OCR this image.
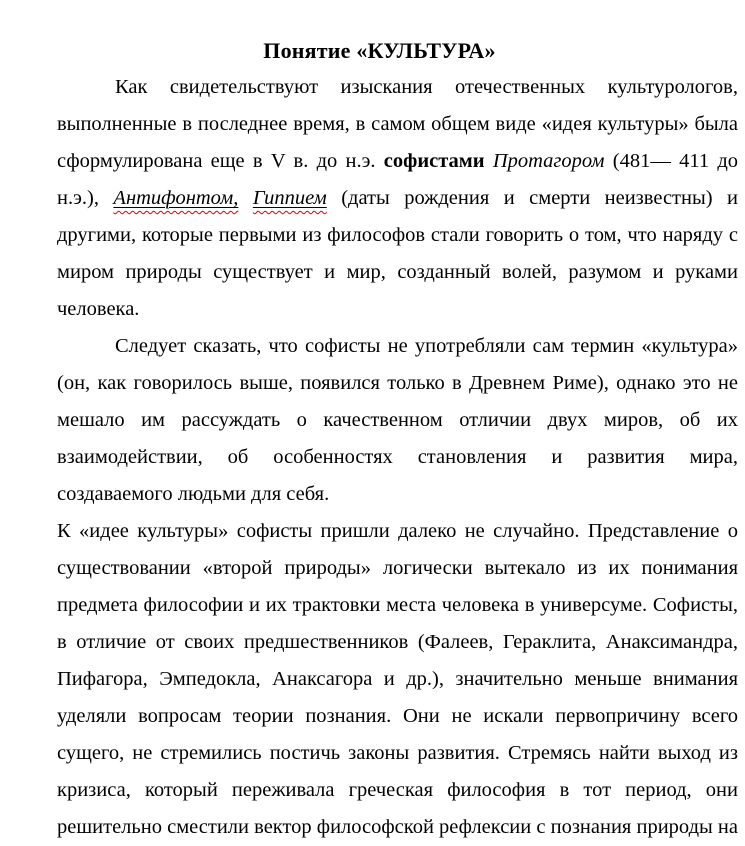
Понятие «КУЛЬТУРА»

Как свидетельствуют изыскания отечественных культурологов, выполненные в последнее время, в самом общем виде «идея культуры» была сформулирована еще в V в. до н.э. софистами Протагором (481— 411 до н.э.), Антифонтом, Гиппием (даты рождения и смерти неизвестны) и другими, которые первыми из философов стали говорить о том, что наряду с миром природы существует и мир, созданный волей, разумом и руками человека.

Следует сказать, что софисты не употребляли сам термин «культура» (он, как говорилось выше, появился только в Древнем Риме), однако это не мешало им рассуждать о качественном отличии двух миров, об их взаимодействии, об особенностях становления и развития мира, создаваемого людьми для себя.

К «идее культуры» софисты пришли далеко не случайно. Представление о существовании «второй природы» логически вытекало из их понимания предмета философии и их трактовки места человека в универсуме. Софисты, в отличие от своих предшественников (Фалеев, Гераклита, Анаксимандра, Пифагора, Эмпедокла, Анаксагора и др.), значительно меньше внимания уделяли вопросам теории познания. Они не искали первопричину всего сущего, не стремились постичь законы развития. Стремясь найти выход из кризиса, который переживала греческая философия в тот период, они решительно сместили вектор философской рефлексии с познания природы на
